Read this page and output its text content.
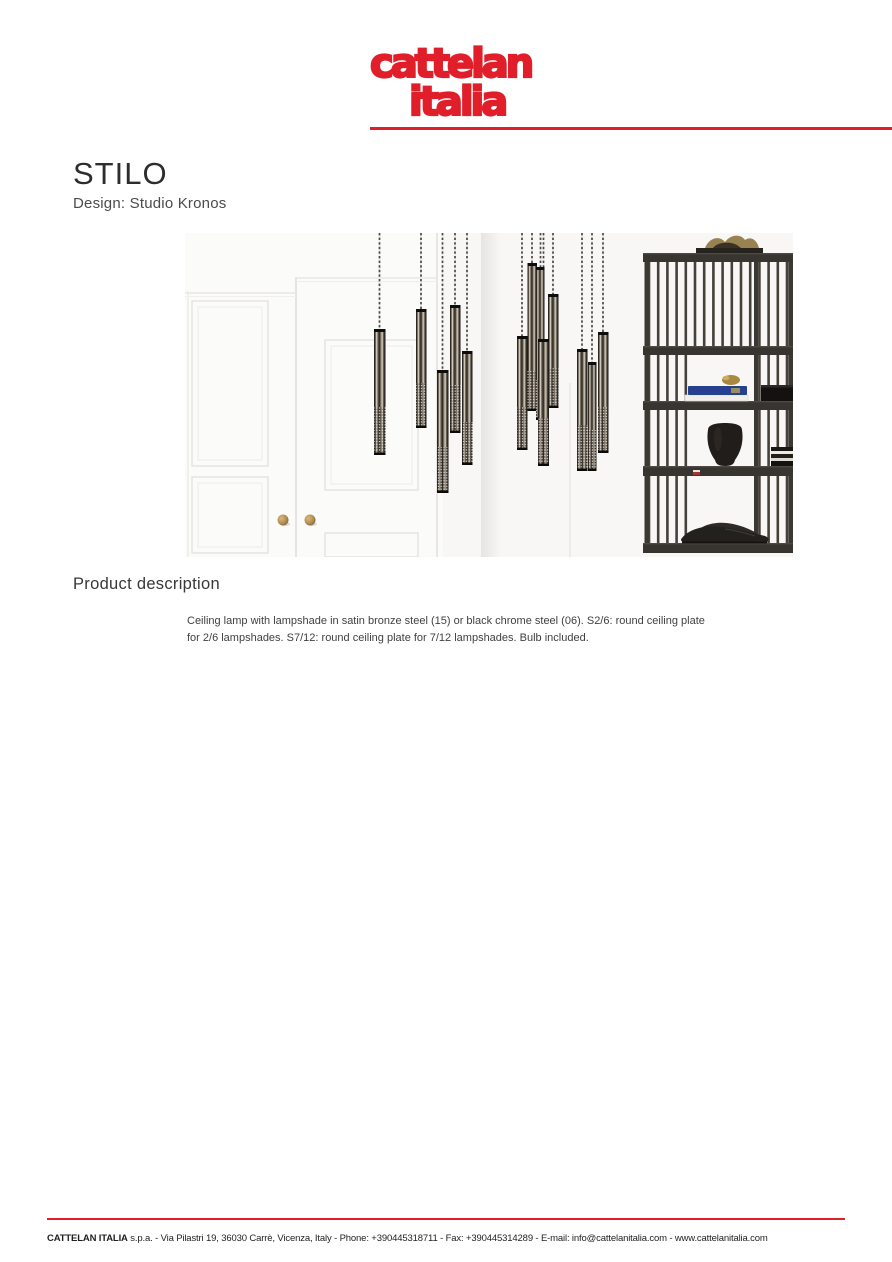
cattelan
italia
STILO
Design: Studio Kronos
Product description

Ceiling lamp with lampshade in satin bronze steel (15) or black chrome steel (06). S2/6: round ceiling plate for 2/6 lampshades. S7/12: round ceiling plate for 7/12 lampshades. Bulb included.

CATTELAN ITALIA s.p.a. - Via Pilastri 19, 36030 Carrè, Vicenza, Italy - Phone: +390445318711 - Fax: +390445314289 - E-mail: info@cattelanitalia.com - www.cattelanitalia.com
